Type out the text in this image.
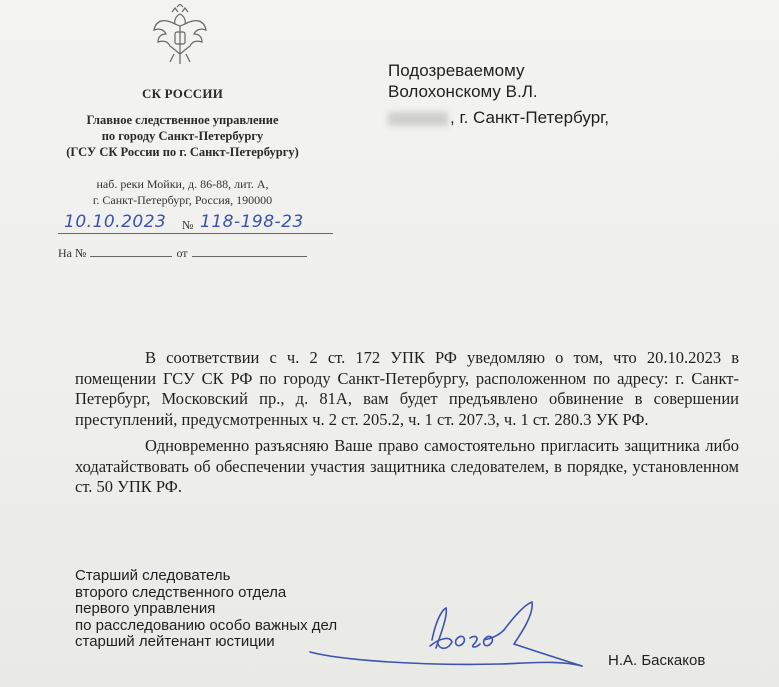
СК РОССИИ
Главное следственное управление
по городу Санкт-Петербургу
(ГСУ СК России по г. Санкт-Петербургу)
наб. реки Мойки, д. 86-88, лит. А,
г. Санкт-Петербург, Россия, 190000
10.10.2023 № 118-198-23
На №	от
Подозреваемому
Волохонскому В.Л.
, г. Санкт-Петербург,

В соответствии с ч. 2 ст. 172 УПК РФ уведомляю о том, что 20.10.2023 в помещении ГСУ СК РФ по городу Санкт-Петербургу, расположенном по адресу: г. Санкт-Петербург, Московский пр., д. 81А, вам будет предъявлено обвинение в совершении преступлений, предусмотренных ч. 2 ст. 205.2, ч. 1 ст. 207.3, ч. 1 ст. 280.3 УК РФ.

Одновременно разъясняю Ваше право самостоятельно пригласить защитника либо ходатайствовать об обеспечении участия защитника следователем, в порядке, установленном ст. 50 УПК РФ.

Старший следователь
второго следственного отдела
первого управления
по расследованию особо важных дел
старший лейтенант юстиции
Н.А. Баскаков
